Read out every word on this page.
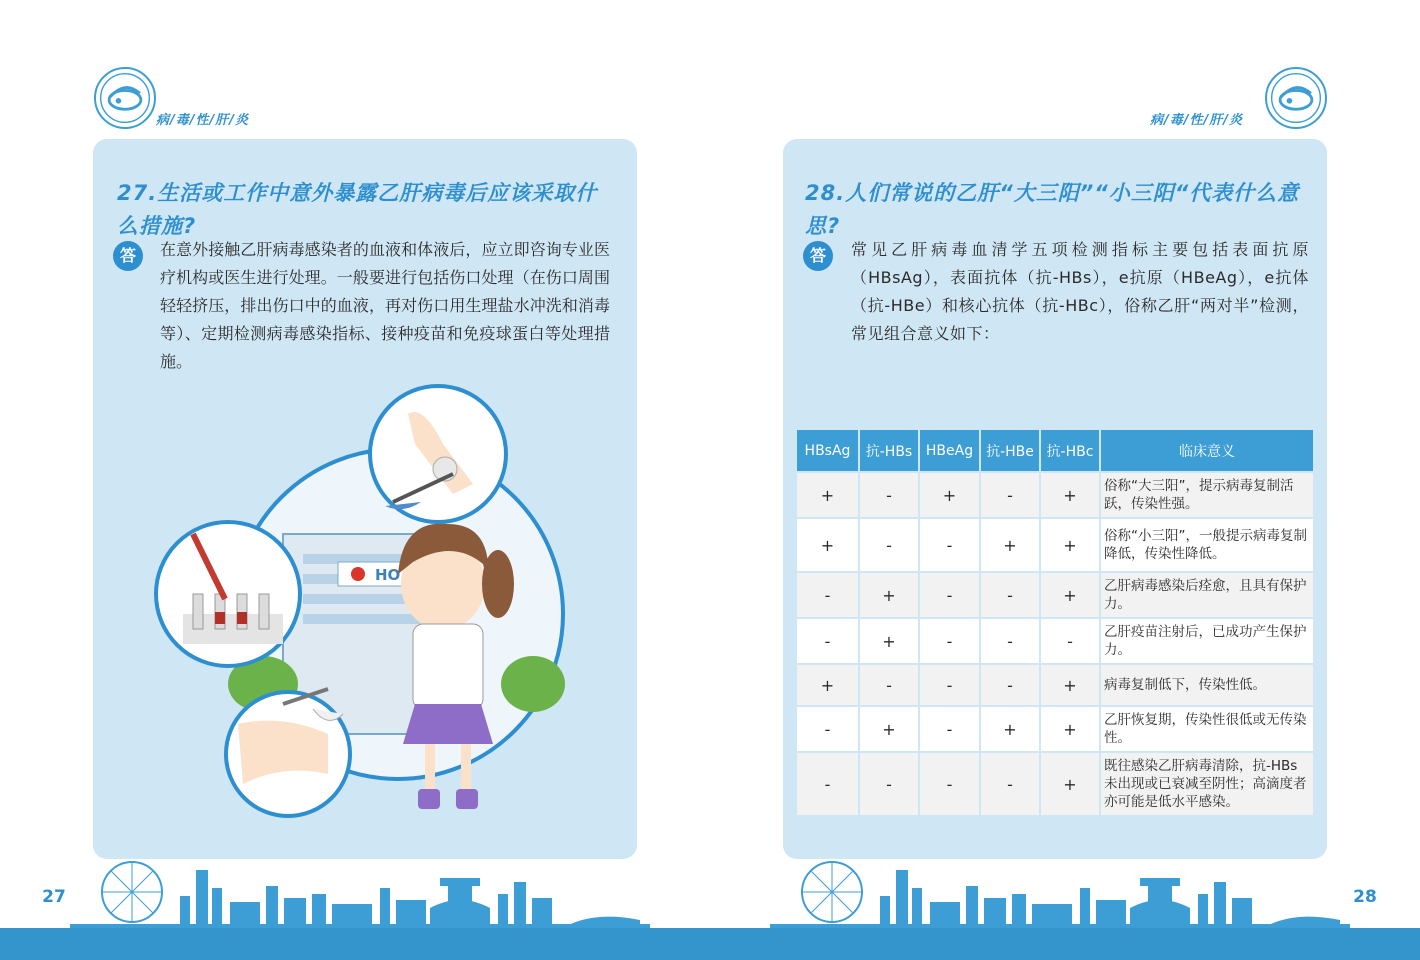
病/毒/性/肝/炎	病/毒/性/肝/炎
27.生活或工作中意外暴露乙肝病毒后应该采取什么措施?
答	在意外接触乙肝病毒感染者的血液和体液后，应立即咨询专业医疗机构或医生进行处理。一般要进行包括伤口处理（在伤口周围轻轻挤压，排出伤口中的血液，再对伤口用生理盐水冲洗和消毒等）、定期检测病毒感染指标、接种疫苗和免疫球蛋白等处理措施。
HO
28.人们常说的乙肝“大三阳”“小三阳“代表什么意思?
答	常见乙肝病毒血清学五项检测指标主要包括表面抗原（HBsAg），表面抗体（抗-HBs），e抗原（HBeAg），e抗体（抗-HBe）和核心抗体（抗-HBc），俗称乙肝“两对半”检测，常见组合意义如下：
HBsAg	抗-HBs	HBeAg	抗-HBe	抗-HBc	临床意义
+	-	+	-	+	俗称“大三阳”，提示病毒复制活跃，传染性强。
+	-	-	+	+	俗称“小三阳”，一般提示病毒复制降低，传染性降低。
-	+	-	-	+	乙肝病毒感染后痊愈，且具有保护力。
-	+	-	-	-	乙肝疫苗注射后，已成功产生保护力。
+	-	-	-	+	病毒复制低下，传染性低。
-	+	-	+	+	乙肝恢复期，传染性很低或无传染性。
-	-	-	-	+	既往感染乙肝病毒清除，抗-HBs未出现或已衰减至阴性；高滴度者亦可能是低水平感染。
27	28
